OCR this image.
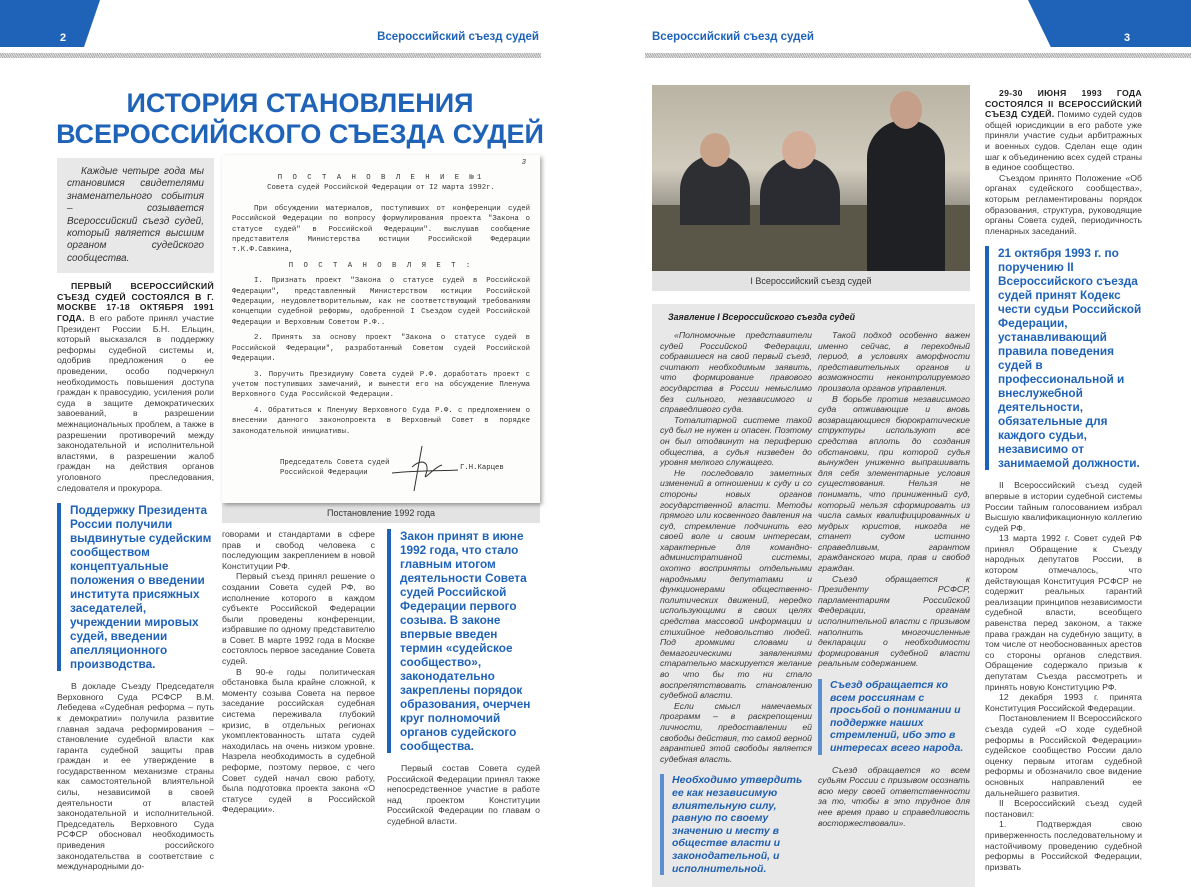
2	Всероссийский съезд судей	3
Всероссийский съезд судей
ИСТОРИЯ СТАНОВЛЕНИЯ
ВСЕРОССИЙСКОГО СЪЕЗДА СУДЕЙ
Каждые четыре года мы становимся свидетелями знаменательного события – созывается Всероссийский съезд судей, который является высшим органом судейского сообщества.

ПЕРВЫЙ ВСЕРОССИЙСКИЙ СЪЕЗД СУДЕЙ СОСТОЯЛСЯ В Г. МОСКВЕ 17-18 ОКТЯБРЯ 1991 ГОДА. В его работе принял участие Президент России Б.Н. Ельцин, который высказался в поддержку реформы судебной системы и, одобрив предложения о ее проведении, особо подчеркнул необходимость повышения доступа граждан к правосудию, усиления роли суда в защите демократических завоеваний, в разрешении межнациональных проблем, а также в разрешении противоречий между законодательной и исполнительной властями, в разрешении жалоб граждан на действия органов уголовного преследования, следователя и прокурора.

Поддержку Президента России получили выдвинутые судейским сообществом концептуальные положения о введении института присяжных заседателей, учреждении мировых судей, введении апелляционного производства.

В докладе Съезду Председателя Верховного Суда РСФСР В.М. Лебедева «Судебная реформа – путь к демократии» получила развитие главная задача реформирования – становление судебной власти как гаранта судебной защиты прав граждан и ее утверждение в государственном механизме страны как самостоятельной влиятельной силы, независимой в своей деятельности от властей законодательной и исполнительной. Председатель Верховного Суда РСФСР обосновал необходимость приведения российского законодательства в соответствие с международными до-

3

П О С Т А Н О В Л Е Н И Е №1

Совета судей Российской Федерации от I2 марта 1992г.

При обсуждении материалов, поступивших от конференции судей Российской Федерации по вопросу формулирования проекта "Закона о статусе судей" в Российской Федерации". выслушав сообщение представителя Министерства юстиции Российской Федерации т.К.Ф.Савкина,

П О С Т А Н О В Л Я Е Т :

I. Признать проект "Закона о статусе судей в Российской Федерации", представленный Министерством юстиции Российской Федерации, неудовлетворительным, как не соответствующий требованиям концепции судебной реформы, одобренной I Съездом судей Российской Федерации и Верховным Советом Р.Ф..

2. Принять за основу проект "Закона о статусе судей в Российской Федерации", разработанный Советом судей Российской Федерации.

3. Поручить Президиуму Совета судей Р.Ф. доработать проект с учетом поступивших замечаний, и вынести его на обсуждение Пленума Верховного Суда Российской Федерации.

4. Обратиться к Пленуму Верховного Суда Р.Ф. с предложением о внесении данного законопроекта в Верховный Совет в порядке законодательной инициативы.

Председатель Совета судей Российской Федерации
Г.Н.Карцев
Постановление 1992 года

говорами и стандартами в сфере прав и свобод человека с последующим закреплением в новой Конституции РФ.

Первый съезд принял решение о создании Совета судей РФ, во исполнение которого в каждом субъекте Российской Федерации были проведены конференции, избравшие по одному представителю в Совет. В марте 1992 года в Москве состоялось первое заседание Совета судей.

В 90-е годы политическая обстановка была крайне сложной, к моменту созыва Совета на первое заседание российская судебная система переживала глубокий кризис, в отдельных регионах укомплектованность штата судей находилась на очень низком уровне. Назрела необходимость в судебной реформе, поэтому первое, с чего Совет судей начал свою работу, была подготовка проекта закона «О статусе судей в Российской Федерации».

Закон принят в июне 1992 года, что стало главным итогом деятельности Совета судей Российской Федерации первого созыва. В законе впервые введен термин «судейское сообщество», законодательно закреплены порядок образования, очерчен круг полномочий органов судейского сообщества.

Первый состав Совета судей Российской Федерации принял также непосредственное участие в работе над проектом Конституции Российской Федерации по главам о судебной власти.

I Всероссийский съезд судей
Заявление I Всероссийского съезда судей

«Полномочные представители судей Российской Федерации, собравшиеся на свой первый съезд, считают необходимым заявить, что формирование правового государства в России немыслимо без сильного, независимого и справедливого суда.

Тоталитарной системе такой суд был не нужен и опасен. Поэтому он был отодвинут на периферию общества, а судья низведен до уровня мелкого служащего.

Не последовало заметных изменений в отношении к суду и со стороны новых органов государственной власти. Методы прямого или косвенного давления на суд, стремление подчинить его своей воле и своим интересам, характерные для командно-административной системы, охотно восприняты отдельными народными депутатами и функционерами общественно-политических движений, нередко использующими в своих целях средства массовой информации и стихийное недовольство людей. Под громкими словами и демагогическими заявлениями старательно маскируется желание во что бы то ни стало воспрепятствовать становлению судебной власти.

Если смысл намечаемых программ – в раскрепощении личности, предоставлении ей свободы действия, то самой верной гарантией этой свободы является судебная власть.

Необходимо утвердить ее как независимую влиятельную силу, равную по своему значению и месту в обществе власти и законодательной, и исполнительной.

Такой подход особенно важен именно сейчас, в переходный период, в условиях аморфности представительных органов и возможности неконтролируемого произвола органов управления.

В борьбе против независимого суда отживающие и вновь возвращающиеся бюрократические структуры используют все средства вплоть до создания обстановки, при которой судья вынужден униженно выпрашивать для себя элементарные условия существования. Нельзя не понимать, что приниженный суд, который нельзя сформировать из числа самых квалифицированных и мудрых юристов, никогда не станет судом истинно справедливым, гарантом гражданского мира, прав и свобод граждан.

Съезд обращается к Президенту РСФСР, парламентариям Российской Федерации, органам исполнительной власти с призывом наполнить многочисленные декларации о необходимости формирования судебной власти реальным содержанием.

Съезд обращается ко всем россиянам с просьбой о понимании и поддержке наших стремлений, ибо это в интересах всего народа.

Съезд обращается ко всем судьям России с призывом осознать всю меру своей ответственности за то, чтобы в это трудное для нее время право и справедливость восторжествовали».

29-30 ИЮНЯ 1993 ГОДА СОСТОЯЛСЯ II ВСЕРОССИЙСКИЙ СЪЕЗД СУДЕЙ. Помимо судей судов общей юрисдикции в его работе уже приняли участие судьи арбитражных и военных судов. Сделан еще один шаг к объединению всех судей страны в единое сообщество.

Съездом принято Положение «Об органах судейского сообщества», которым регламентированы порядок образования, структура, руководящие органы Совета судей, периодичность пленарных заседаний.

21 октября 1993 г. по поручению II Всероссийского съезда судей принят Кодекс чести судьи Российской Федерации, устанавливающий правила поведения судей в профессиональной и внеслужебной деятельности, обязательные для каждого судьи, независимо от занимаемой должности.

II Всероссийский съезд судей впервые в истории судебной системы России тайным голосованием избрал Высшую квалификационную коллегию судей РФ.

13 марта 1992 г. Совет судей РФ принял Обращение к Съезду народных депутатов России, в котором отмечалось, что действующая Конституция РСФСР не содержит реальных гарантий реализации принципов независимости судебной власти, всеобщего равенства перед законом, а также права граждан на судебную защиту, в том числе от необоснованных арестов со стороны органов следствия. Обращение содержало призыв к депутатам Съезда рассмотреть и принять новую Конституцию РФ.

12 декабря 1993 г. принята Конституция Российской Федерации.

Постановлением II Всероссийского съезда судей «О ходе судебной реформы в Российской Федерации» судейское сообщество России дало оценку первым итогам судебной реформы и обозначило свое видение основных направлений ее дальнейшего развития.

II Всероссийский съезд судей постановил:

1. Подтверждая свою приверженность последовательному и настойчивому проведению судебной реформы в Российской Федерации, призвать
